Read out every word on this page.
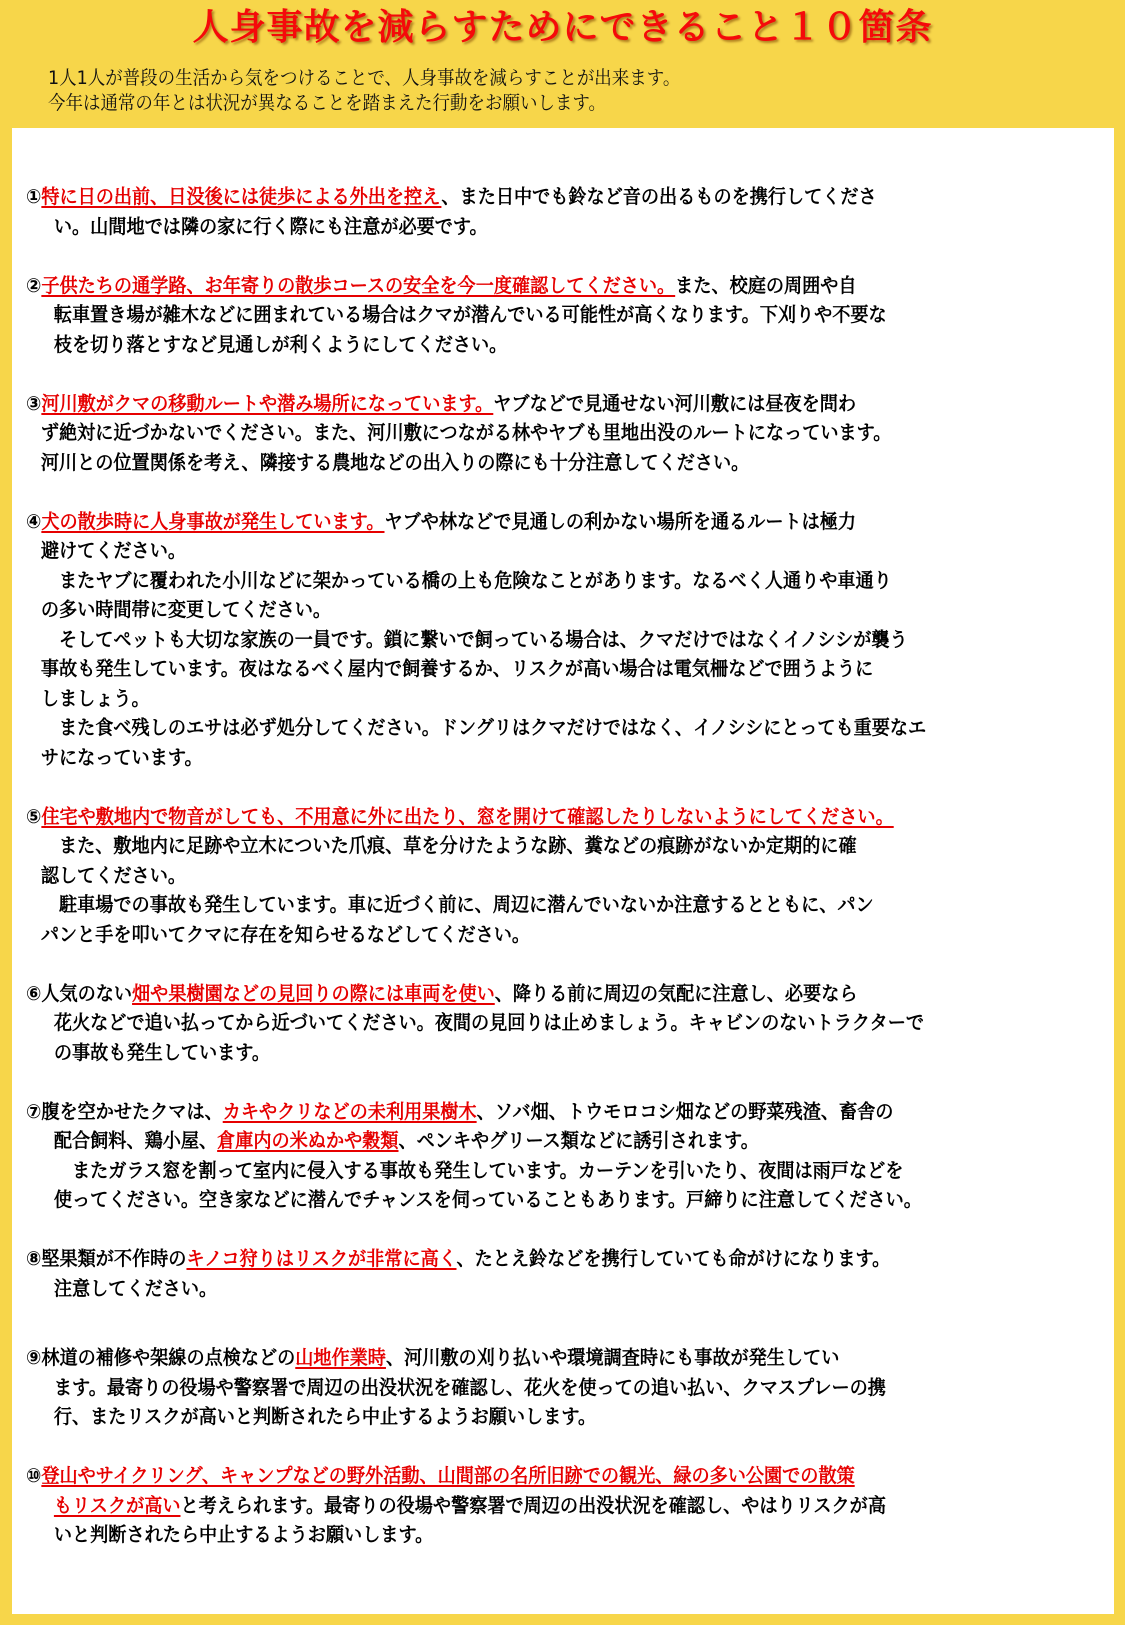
人身事故を減らすためにできること１０箇条

1人1人が普段の生活から気をつけることで、人身事故を減らすことが出来ます。

今年は通常の年とは状況が異なることを踏まえた行動をお願いします。

①特に日の出前、日没後には徒歩による外出を控え、また日中でも鈴など音の出るものを携行してくださ
い。山間地では隣の家に行く際にも注意が必要です。
②子供たちの通学路、お年寄りの散歩コースの安全を今一度確認してください。また、校庭の周囲や自
転車置き場が雑木などに囲まれている場合はクマが潜んでいる可能性が高くなります。下刈りや不要な
枝を切り落とすなど見通しが利くようにしてください。
③河川敷がクマの移動ルートや潜み場所になっています。ヤブなどで見通せない河川敷には昼夜を問わ
ず絶対に近づかないでください。また、河川敷につながる林やヤブも里地出没のルートになっています。
河川との位置関係を考え、隣接する農地などの出入りの際にも十分注意してください。
④犬の散歩時に人身事故が発生しています。ヤブや林などで見通しの利かない場所を通るルートは極力
避けてください。
　またヤブに覆われた小川などに架かっている橋の上も危険なことがあります。なるべく人通りや車通り
の多い時間帯に変更してください。
　そしてペットも大切な家族の一員です。鎖に繋いで飼っている場合は、クマだけではなくイノシシが襲う
事故も発生しています。夜はなるべく屋内で飼養するか、リスクが高い場合は電気柵などで囲うように
しましょう。
　また食べ残しのエサは必ず処分してください。ドングリはクマだけではなく、イノシシにとっても重要なエ
サになっています。
⑤住宅や敷地内で物音がしても、不用意に外に出たり、窓を開けて確認したりしないようにしてください。
　また、敷地内に足跡や立木についた爪痕、草を分けたような跡、糞などの痕跡がないか定期的に確
認してください。
　駐車場での事故も発生しています。車に近づく前に、周辺に潜んでいないか注意するとともに、パン
パンと手を叩いてクマに存在を知らせるなどしてください。
⑥人気のない畑や果樹園などの見回りの際には車両を使い、降りる前に周辺の気配に注意し、必要なら
花火などで追い払ってから近づいてください。夜間の見回りは止めましょう。キャビンのないトラクターで
の事故も発生しています。
⑦腹を空かせたクマは、カキやクリなどの未利用果樹木、ソバ畑、トウモロコシ畑などの野菜残渣、畜舎の
配合飼料、鶏小屋、倉庫内の米ぬかや穀類、ペンキやグリース類などに誘引されます。
　またガラス窓を割って室内に侵入する事故も発生しています。カーテンを引いたり、夜間は雨戸などを
使ってください。空き家などに潜んでチャンスを伺っていることもあります。戸締りに注意してください。
⑧堅果類が不作時のキノコ狩りはリスクが非常に高く、たとえ鈴などを携行していても命がけになります。
注意してください。
⑨林道の補修や架線の点検などの山地作業時、河川敷の刈り払いや環境調査時にも事故が発生してい
ます。最寄りの役場や警察署で周辺の出没状況を確認し、花火を使っての追い払い、クマスプレーの携
行、またリスクが高いと判断されたら中止するようお願いします。
⑩登山やサイクリング、キャンプなどの野外活動、山間部の名所旧跡での観光、緑の多い公園での散策
もリスクが高いと考えられます。最寄りの役場や警察署で周辺の出没状況を確認し、やはりリスクが高
いと判断されたら中止するようお願いします。
